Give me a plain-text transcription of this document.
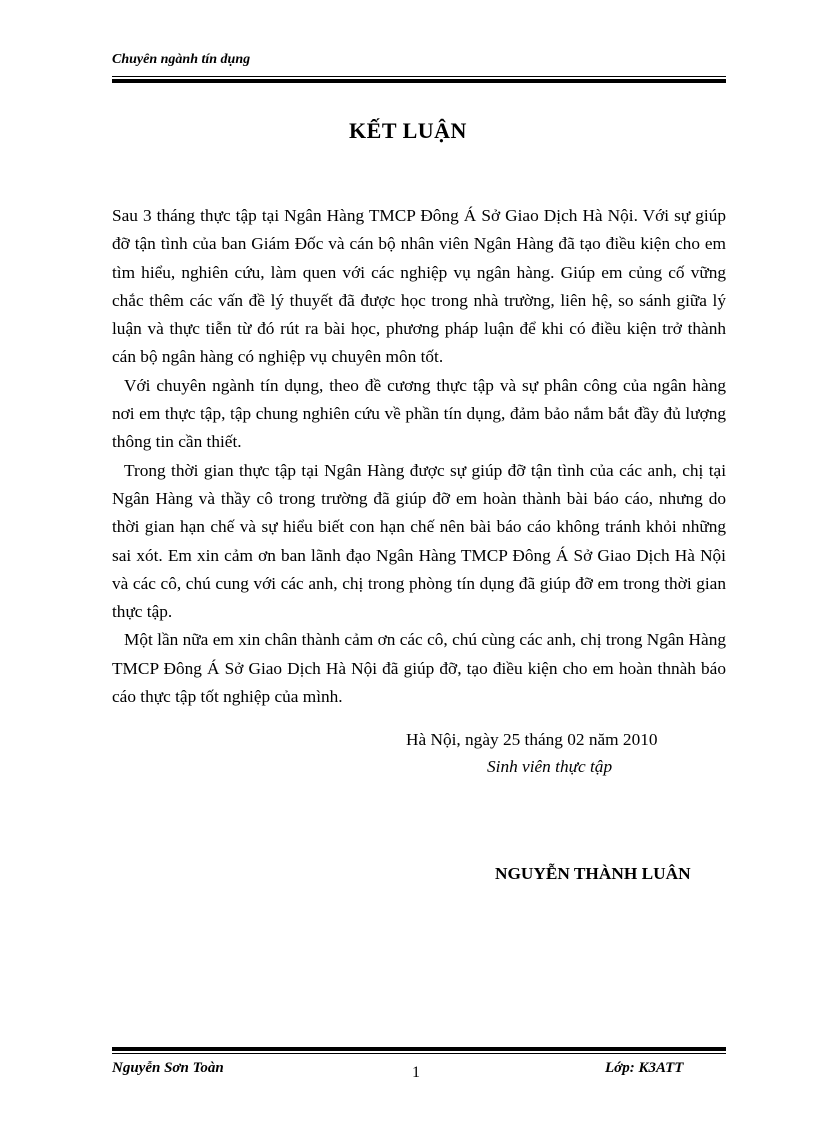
Chuyên ngành tín dụng
KẾT LUẬN

Sau 3 tháng thực tập tại Ngân Hàng TMCP Đông Á Sở Giao Dịch Hà Nội. Với sự giúp đỡ tận tình của ban Giám Đốc và cán bộ nhân viên Ngân Hàng đã tạo điều kiện cho em tìm hiểu, nghiên cứu, làm quen với các nghiệp vụ ngân hàng. Giúp em củng cố vững chắc thêm các vấn đề lý thuyết đã được học trong nhà trường, liên hệ, so sánh giữa lý luận và thực tiễn từ đó rút ra bài học, phương pháp luận để khi có điều kiện trở thành cán bộ ngân hàng có nghiệp vụ chuyên môn tốt.

Với chuyên ngành tín dụng, theo đề cương thực tập và sự phân công của ngân hàng nơi em thực tập, tập chung nghiên cứu về phần tín dụng, đảm bảo nắm bắt đầy đủ lượng thông tin cần thiết.

Trong thời gian thực tập tại Ngân Hàng được sự giúp đỡ tận tình của các anh, chị tại Ngân Hàng và thầy cô trong trường đã giúp đỡ em hoàn thành bài báo cáo, nhưng do thời gian hạn chế và sự hiểu biết con hạn chế nên bài báo cáo không tránh khỏi những sai xót. Em xin cảm ơn ban lãnh đạo Ngân Hàng TMCP Đông Á Sở Giao Dịch Hà Nội và các cô, chú cung với các anh, chị trong phòng tín dụng đã giúp đỡ em trong thời gian thực tập.

Một lần nữa em xin chân thành cảm ơn các cô, chú cùng các anh, chị trong Ngân Hàng TMCP Đông Á Sở Giao Dịch Hà Nội đã giúp đỡ, tạo điều kiện cho em hoàn thnàh báo cáo thực tập tốt nghiệp của mình.

Hà Nội, ngày 25 tháng 02 năm 2010
Sinh viên thực tập
NGUYỄN THÀNH LUÂN
Nguyễn Sơn Toàn	1	Lớp: K3ATT
